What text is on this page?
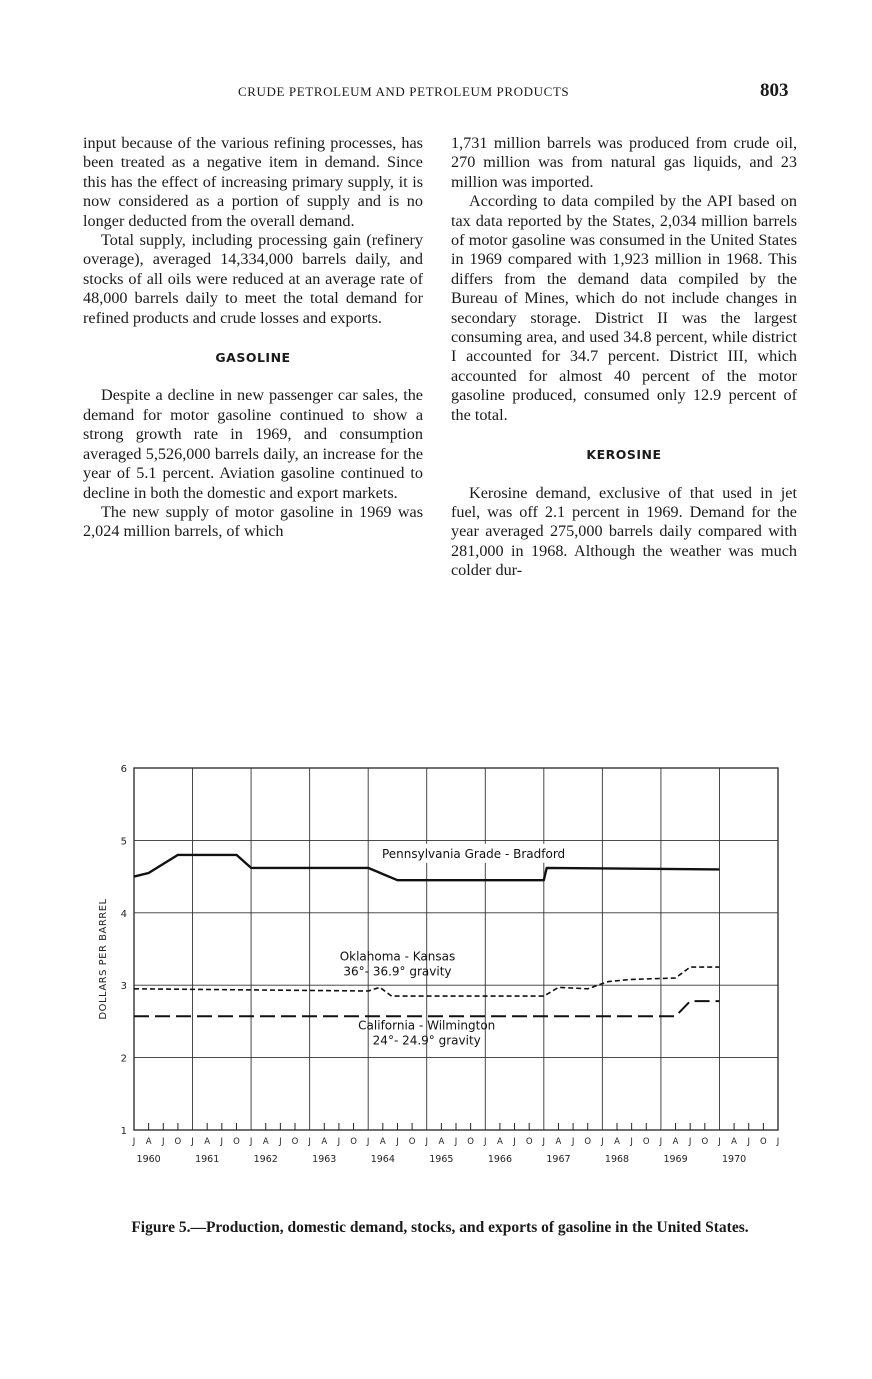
CRUDE PETROLEUM AND PETROLEUM PRODUCTS	803

input because of the various refining processes, has been treated as a negative item in demand. Since this has the effect of increasing primary supply, it is now considered as a portion of supply and is no longer deducted from the overall demand.

Total supply, including processing gain (refinery overage), averaged 14,334,000 barrels daily, and stocks of all oils were reduced at an average rate of 48,000 barrels daily to meet the total demand for refined products and crude losses and exports.

GASOLINE

Despite a decline in new passenger car sales, the demand for motor gasoline continued to show a strong growth rate in 1969, and consumption averaged 5,526,000 barrels daily, an increase for the year of 5.1 percent. Aviation gasoline continued to decline in both the domestic and export markets.

The new supply of motor gasoline in 1969 was 2,024 million barrels, of which

1,731 million barrels was produced from crude oil, 270 million was from natural gas liquids, and 23 million was imported.

According to data compiled by the API based on tax data reported by the States, 2,034 million barrels of motor gasoline was consumed in the United States in 1969 compared with 1,923 million in 1968. This differs from the demand data compiled by the Bureau of Mines, which do not include changes in secondary storage. District II was the largest consuming area, and used 34.8 percent, while district I accounted for 34.7 percent. District III, which accounted for almost 40 percent of the motor gasoline produced, consumed only 12.9 percent of the total.

KEROSINE

Kerosine demand, exclusive of that used in jet fuel, was off 2.1 percent in 1969. Demand for the year averaged 275,000 barrels daily compared with 281,000 in 1968. Although the weather was much colder dur-

1
2
3
4
5
6
DOLLARS PER BARREL
J A J O
1960
J A J O
1961
J A J O
1962
J A J O
1963
J A J O
1964
J A J O
1965
J A J O
1966
J A J O
1967
J A J O
1968
J A J O
1969
J A J O
1970
J
Pennsylvania Grade - Bradford
Oklahoma - Kansas
36°- 36.9° gravity
California - Wilmington
24°- 24.9° gravity
Figure 5.—Production, domestic demand, stocks, and exports of gasoline in the United States.
